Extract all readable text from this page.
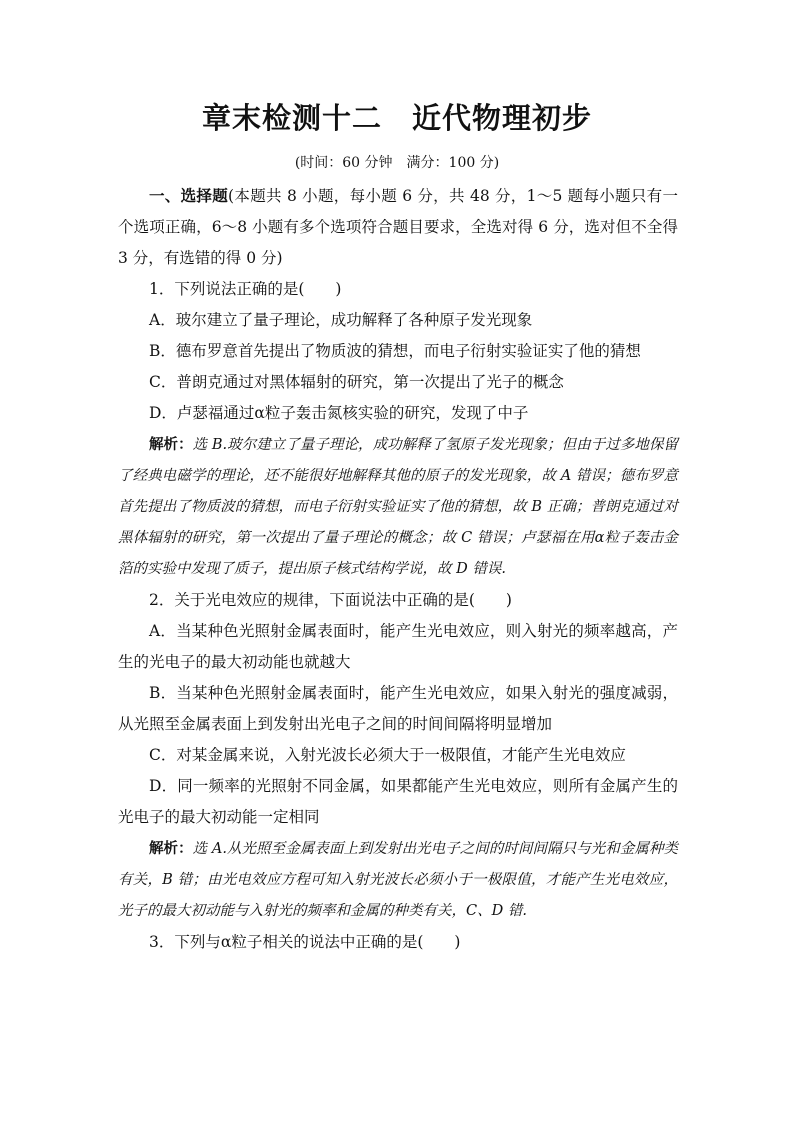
章末检测十二 近代物理初步
(时间：60 分钟　满分：100 分)

一、选择题(本题共 8 小题，每小题 6 分，共 48 分，1～5 题每小题只有一个选项正确，6～8 小题有多个选项符合题目要求，全选对得 6 分，选对但不全得 3 分，有选错的得 0 分)

1．下列说法正确的是(　　)

A．玻尔建立了量子理论，成功解释了各种原子发光现象

B．德布罗意首先提出了物质波的猜想，而电子衍射实验证实了他的猜想

C．普朗克通过对黑体辐射的研究，第一次提出了光子的概念

D．卢瑟福通过α粒子轰击氮核实验的研究，发现了中子

解析：选 B.玻尔建立了量子理论，成功解释了氢原子发光现象；但由于过多地保留了经典电磁学的理论，还不能很好地解释其他的原子的发光现象，故 A 错误；德布罗意首先提出了物质波的猜想，而电子衍射实验证实了他的猜想，故 B 正确；普朗克通过对黑体辐射的研究，第一次提出了量子理论的概念；故 C 错误；卢瑟福在用α粒子轰击金箔的实验中发现了质子，提出原子核式结构学说，故 D 错误.

2．关于光电效应的规律，下面说法中正确的是(　　)

A．当某种色光照射金属表面时，能产生光电效应，则入射光的频率越高，产生的光电子的最大初动能也就越大

B．当某种色光照射金属表面时，能产生光电效应，如果入射光的强度减弱，从光照至金属表面上到发射出光电子之间的时间间隔将明显增加

C．对某金属来说，入射光波长必须大于一极限值，才能产生光电效应

D．同一频率的光照射不同金属，如果都能产生光电效应，则所有金属产生的光电子的最大初动能一定相同

解析：选 A.从光照至金属表面上到发射出光电子之间的时间间隔只与光和金属种类有关，B 错；由光电效应方程可知入射光波长必须小于一极限值，才能产生光电效应，光子的最大初动能与入射光的频率和金属的种类有关，C、D 错.

3．下列与α粒子相关的说法中正确的是(　　)
